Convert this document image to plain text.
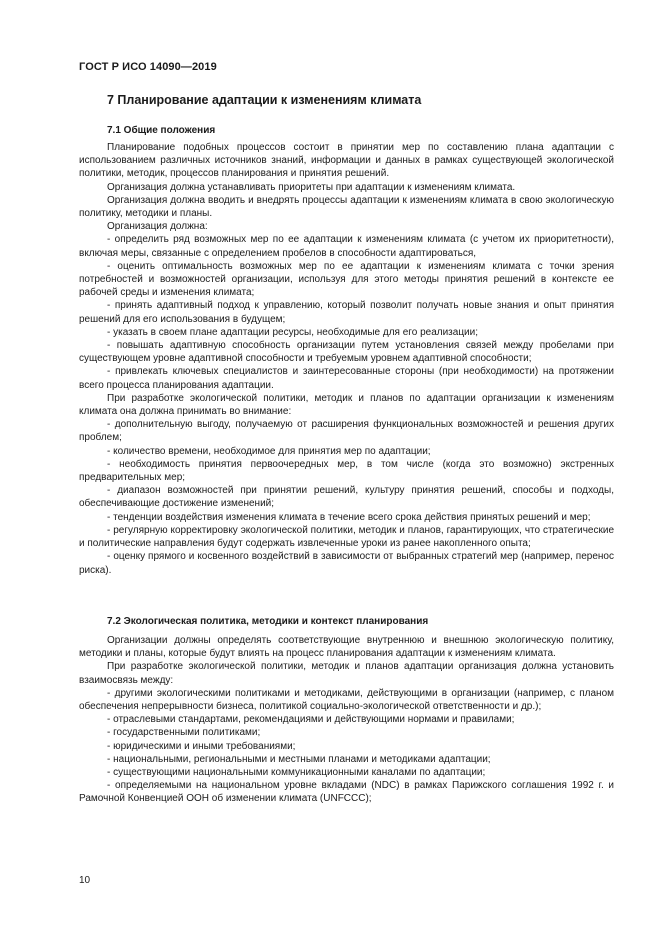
ГОСТ Р ИСО 14090—2019
7 Планирование адаптации к изменениям климата
7.1 Общие положения

Планирование подобных процессов состоит в принятии мер по составлению плана адаптации с использованием различных источников знаний, информации и данных в рамках существующей экологической политики, методик, процессов планирования и принятия решений.

Организация должна устанавливать приоритеты при адаптации к изменениям климата.

Организация должна вводить и внедрять процессы адаптации к изменениям климата в свою экологическую политику, методики и планы.

Организация должна:

- определить ряд возможных мер по ее адаптации к изменениям климата (с учетом их приоритетности), включая меры, связанные с определением пробелов в способности адаптироваться,

- оценить оптимальность возможных мер по ее адаптации к изменениям климата с точки зрения потребностей и возможностей организации, используя для этого методы принятия решений в контексте ее рабочей среды и изменения климата;

- принять адаптивный подход к управлению, который позволит получать новые знания и опыт принятия решений для его использования в будущем;

- указать в своем плане адаптации ресурсы, необходимые для его реализации;

- повышать адаптивную способность организации путем установления связей между пробелами при существующем уровне адаптивной способности и требуемым уровнем адаптивной способности;

- привлекать ключевых специалистов и заинтересованные стороны (при необходимости) на протяжении всего процесса планирования адаптации.

При разработке экологической политики, методик и планов по адаптации организации к изменениям климата она должна принимать во внимание:

- дополнительную выгоду, получаемую от расширения функциональных возможностей и решения других проблем;

- количество времени, необходимое для принятия мер по адаптации;

- необходимость принятия первоочередных мер, в том числе (когда это возможно) экстренных предварительных мер;

- диапазон возможностей при принятии решений, культуру принятия решений, способы и подходы, обеспечивающие достижение изменений;

- тенденции воздействия изменения климата в течение всего срока действия принятых решений и мер;

- регулярную корректировку экологической политики, методик и планов, гарантирующих, что стратегические и политические направления будут содержать извлеченные уроки из ранее накопленного опыта;

- оценку прямого и косвенного воздействий в зависимости от выбранных стратегий мер (например, перенос риска).

7.2 Экологическая политика, методики и контекст планирования

Организации должны определять соответствующие внутреннюю и внешнюю экологическую политику, методики и планы, которые будут влиять на процесс планирования адаптации к изменениям климата.

При разработке экологической политики, методик и планов адаптации организация должна установить взаимосвязь между:

- другими экологическими политиками и методиками, действующими в организации (например, с планом обеспечения непрерывности бизнеса, политикой социально-экологической ответственности и др.);

- отраслевыми стандартами, рекомендациями и действующими нормами и правилами;

- государственными политиками;

- юридическими и иными требованиями;

- национальными, региональными и местными планами и методиками адаптации;

- существующими национальными коммуникационными каналами по адаптации;

- определяемыми на национальном уровне вкладами (NDC) в рамках Парижского соглашения 1992 г. и Рамочной Конвенцией ООН об изменении климата (UNFCCC);

10
